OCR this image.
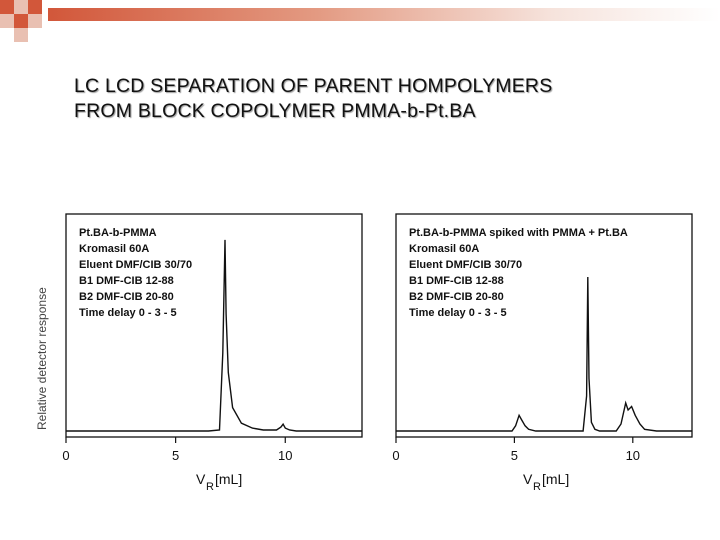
LC LCD SEPARATION OF PARENT HOMPOLYMERS
FROM BLOCK COPOLYMER PMMA-b-Pt.BA
Pt.BA-b-PMMA
Kromasil 60A
Eluent DMF/CIB 30/70
B1 DMF-CIB 12-88
B2 DMF-CIB 20-80
Time delay 0 - 3 - 5
0	5	10
V R [mL]
Relative detector response
Pt.BA-b-PMMA spiked with PMMA + Pt.BA
Kromasil 60A
Eluent DMF/CIB 30/70
B1 DMF-CIB 12-88
B2 DMF-CIB 20-80
Time delay 0 - 3 - 5
0	5	10
V R [mL]
